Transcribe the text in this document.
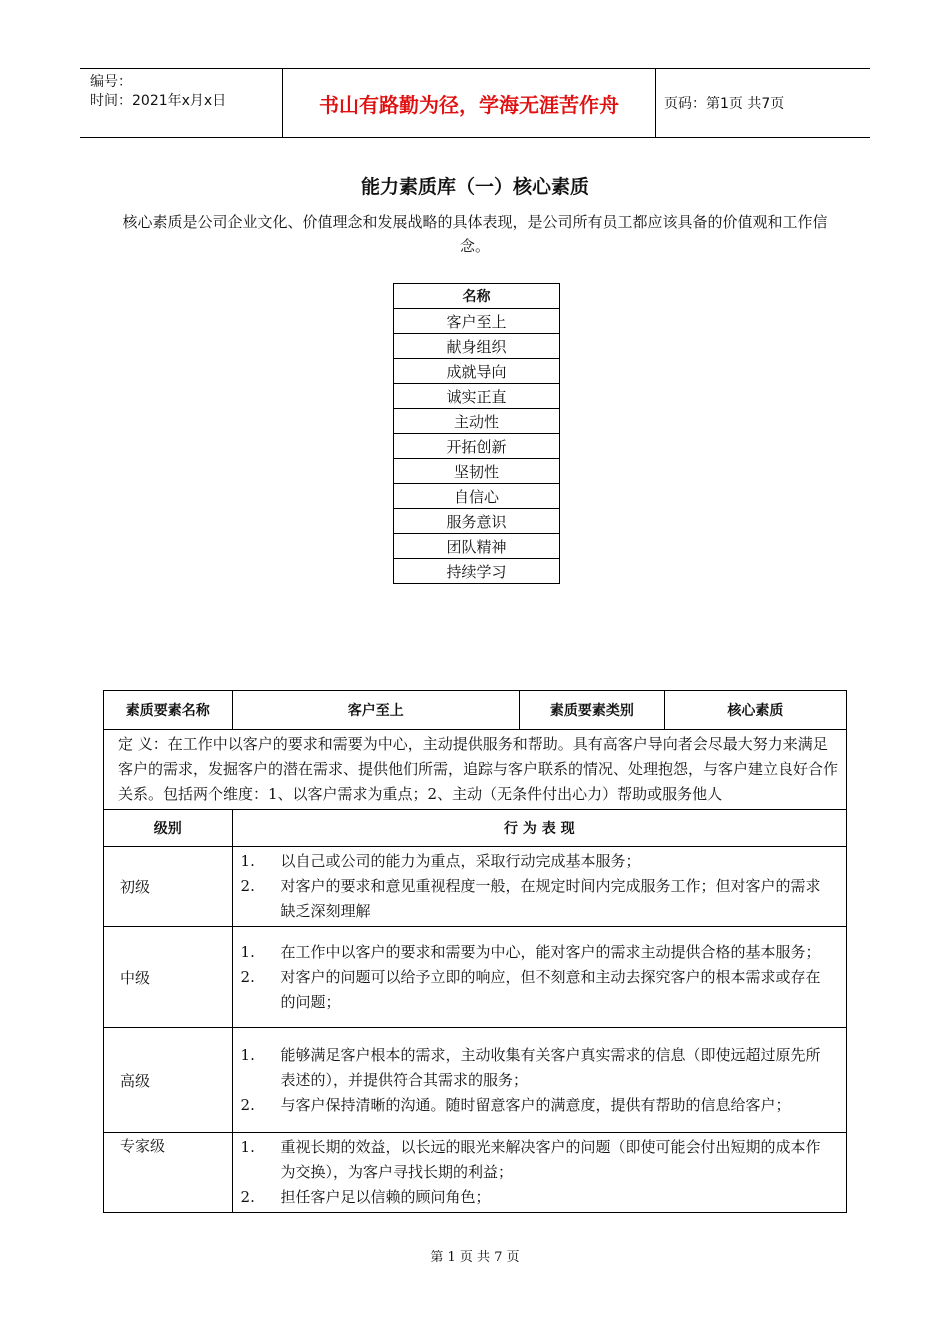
编号：
时间：2021年x月x日	书山有路勤为径，学海无涯苦作舟	页码：第1页 共7页
能力素质库（一）核心素质
核心素质是公司企业文化、价值理念和发展战略的具体表现，是公司所有员工都应该具备的价值观和工作信念。
名称
客户至上
献身组织
成就导向
诚实正直
主动性
开拓创新
坚韧性
自信心
服务意识
团队精神
持续学习
素质要素名称	客户至上	素质要素类别	核心素质
定 义：在工作中以客户的要求和需要为中心，主动提供服务和帮助。具有高客户导向者会尽最大努力来满足客户的需求，发掘客户的潜在需求、提供他们所需，追踪与客户联系的情况、处理抱怨，与客户建立良好合作关系。包括两个维度：1、以客户需求为重点；2、主动（无条件付出心力）帮助或服务他人			
级别	行 为 表 现		
初级	1. 以自己或公司的能力为重点，采取行动完成基本服务；
2. 对客户的要求和意见重视程度一般，在规定时间内完成服务工作；但对客户的需求缺乏深刻理解		

中级	1. 在工作中以客户的要求和需要为中心，能对客户的需求主动提供合格的基本服务；
2. 对客户的问题可以给予立即的响应，但不刻意和主动去探究客户的根本需求或存在的问题；		

高级	1. 能够满足客户根本的需求，主动收集有关客户真实需求的信息（即使远超过原先所表述的），并提供符合其需求的服务；
2. 与客户保持清晰的沟通。随时留意客户的满意度，提供有帮助的信息给客户；		

专家级	1. 重视长期的效益，以长远的眼光来解决客户的问题（即使可能会付出短期的成本作为交换），为客户寻找长期的利益；
2. 担任客户足以信赖的顾问角色；		
第 1 页 共 7 页
